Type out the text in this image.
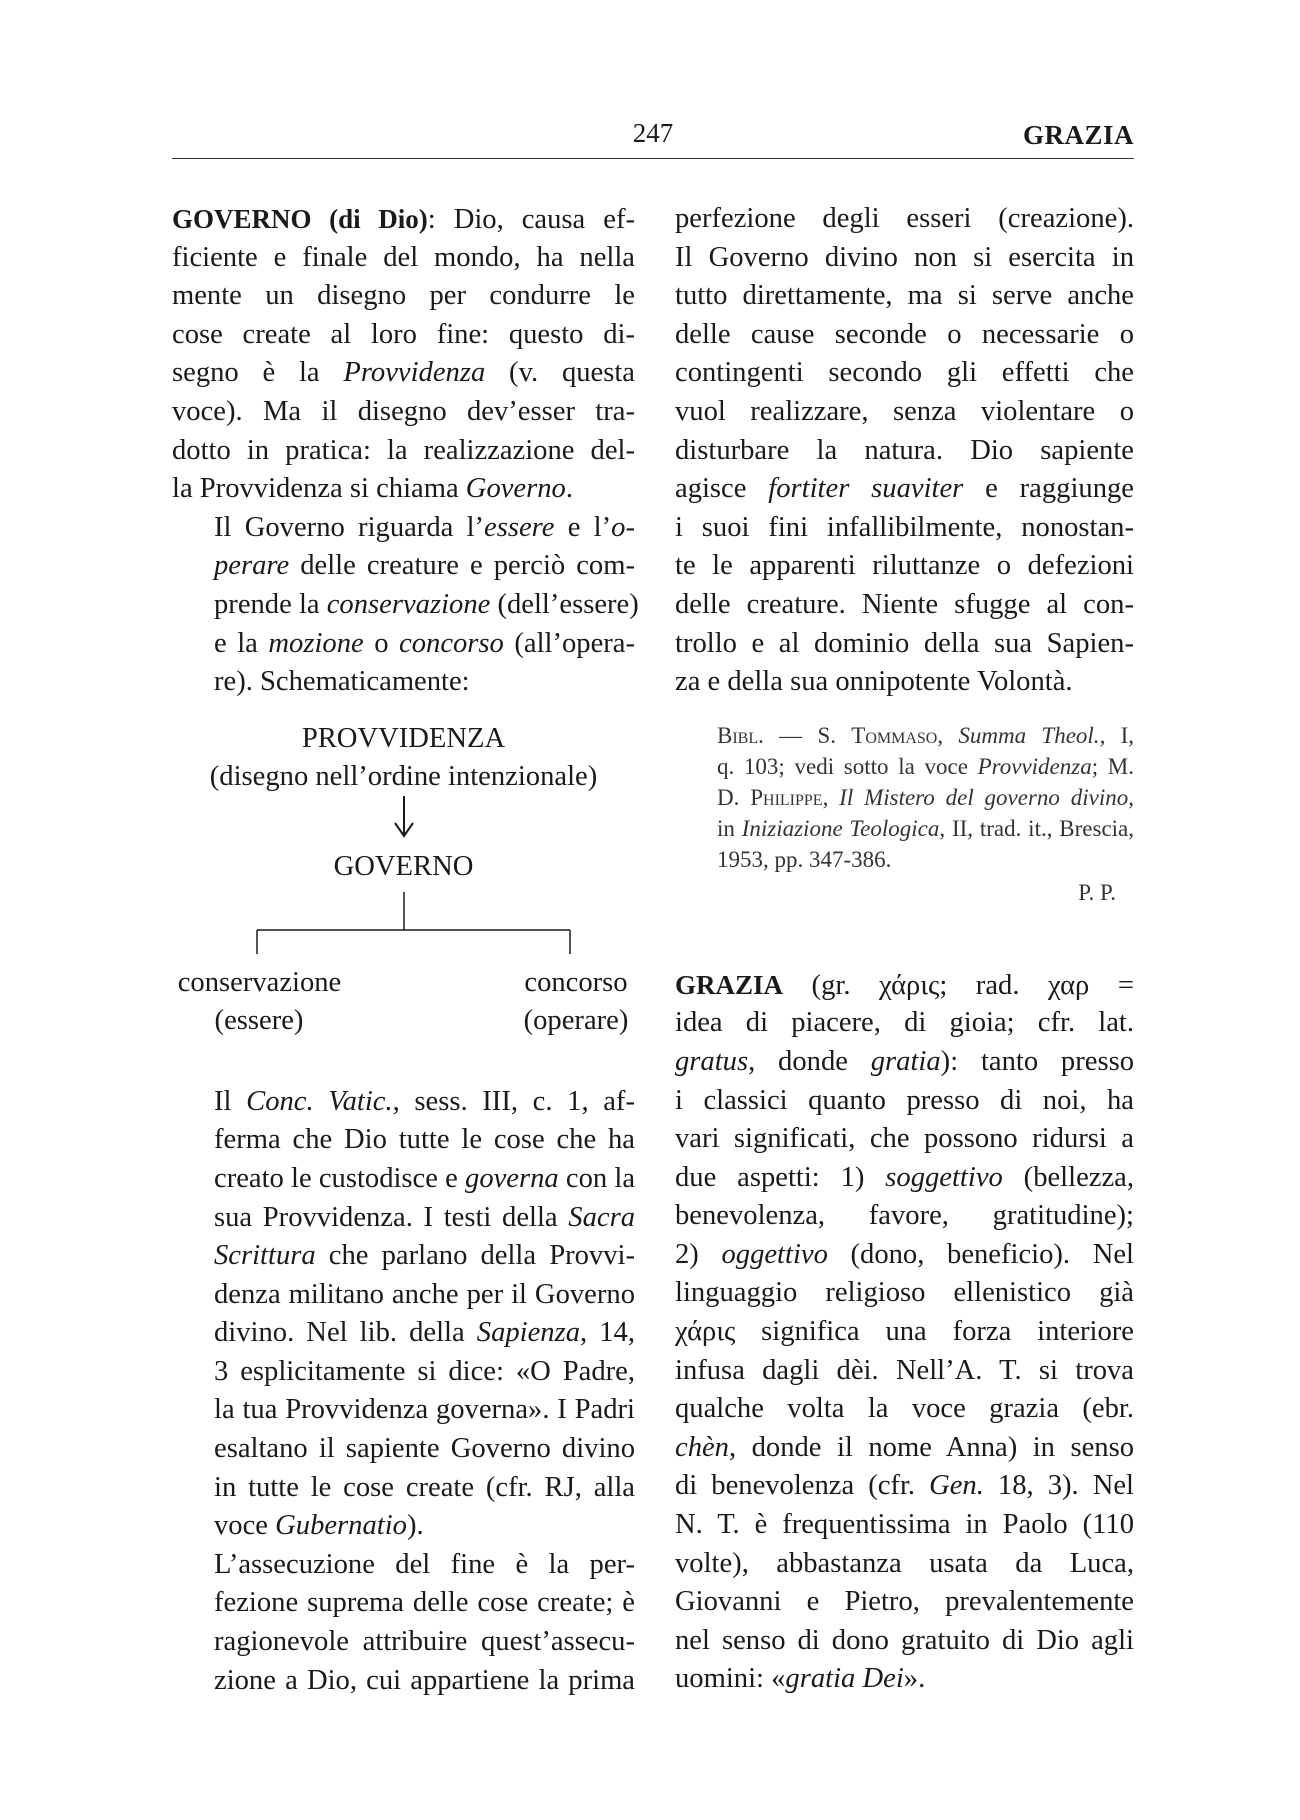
247	GRAZIA
GOVERNO (di Dio): Dio, causa ef-
ficiente e finale del mondo, ha nella
mente un disegno per condurre le
cose create al loro fine: questo di-
segno è la Provvidenza (v. questa
voce). Ma il disegno dev’esser tra-
dotto in pratica: la realizzazione del-
la Provvidenza si chiama Governo.
Il Governo riguarda l’essere e l’o-
perare delle creature e perciò com-
prende la conservazione (dell’essere)
e la mozione o concorso (all’opera-
re). Schematicamente:
PROVVIDENZA
(disegno nell’ordine intenzionale)
GOVERNO
conservazione
(essere)
concorso
(operare)
Il Conc. Vatic., sess. III, c. 1, af-
ferma che Dio tutte le cose che ha
creato le custodisce e governa con la
sua Provvidenza. I testi della Sacra
Scrittura che parlano della Provvi-
denza militano anche per il Governo
divino. Nel lib. della Sapienza, 14,
3 esplicitamente si dice: «O Padre,
la tua Provvidenza governa». I Padri
esaltano il sapiente Governo divino
in tutte le cose create (cfr. RJ, alla
voce Gubernatio).
L’assecuzione del fine è la per-
fezione suprema delle cose create; è
ragionevole attribuire quest’assecu-
zione a Dio, cui appartiene la prima
perfezione degli esseri (creazione).
Il Governo divino non si esercita in
tutto direttamente, ma si serve anche
delle cause seconde o necessarie o
contingenti secondo gli effetti che
vuol realizzare, senza violentare o
disturbare la natura. Dio sapiente
agisce fortiter suaviter e raggiunge
i suoi fini infallibilmente, nonostan-
te le apparenti riluttanze o defezioni
delle creature. Niente sfugge al con-
trollo e al dominio della sua Sapien-
za e della sua onnipotente Volontà.
Bibl. — S. Tommaso, Summa Theol., I,
q. 103; vedi sotto la voce Provvidenza; M.
D. Philippe, Il Mistero del governo divino,
in Iniziazione Teologica, II, trad. it., Brescia,
1953, pp. 347-386.
P. P.
GRAZIA (gr. χάρις; rad. χαρ =
idea di piacere, di gioia; cfr. lat.
gratus, donde gratia): tanto presso
i classici quanto presso di noi, ha
vari significati, che possono ridursi a
due aspetti: 1) soggettivo (bellezza,
benevolenza, favore, gratitudine);
2) oggettivo (dono, beneficio). Nel
linguaggio religioso ellenistico già
χάρις significa una forza interiore
infusa dagli dèi. Nell’A. T. si trova
qualche volta la voce grazia (ebr.
chèn, donde il nome Anna) in senso
di benevolenza (cfr. Gen. 18, 3). Nel
N. T. è frequentissima in Paolo (110
volte), abbastanza usata da Luca,
Giovanni e Pietro, prevalentemente
nel senso di dono gratuito di Dio agli
uomini: «gratia Dei».
